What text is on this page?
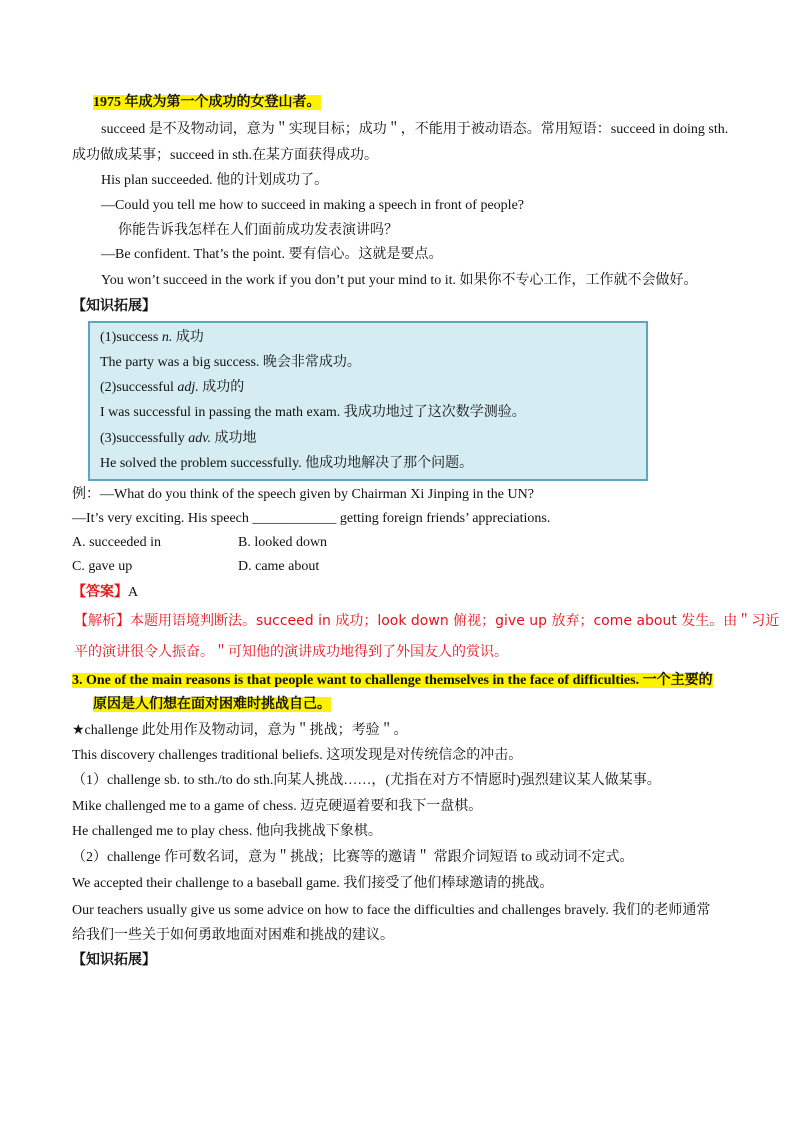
1975 年成为第一个成功的女登山者。
succeed 是不及物动词，意为＂实现目标；成功＂，不能用于被动语态。常用短语：succeed in doing sth.
成功做成某事；succeed in sth.在某方面获得成功。
His plan succeeded. 他的计划成功了。
—Could you tell me how to succeed in making a speech in front of people?
你能告诉我怎样在人们面前成功发表演讲吗？
—Be confident. That’s the point. 要有信心。这就是要点。
You won’t succeed in the work if you don’t put your mind to it. 如果你不专心工作，工作就不会做好。
【知识拓展】
(1)success n. 成功
The party was a big success. 晚会非常成功。
(2)successful adj. 成功的
I was successful in passing the math exam. 我成功地过了这次数学测验。
(3)successfully adv. 成功地
He solved the problem successfully. 他成功地解决了那个问题。
例：—What do you think of the speech given by Chairman Xi Jinping in the UN?
—It’s very exciting. His speech ____________ getting foreign friends’ appreciations.
A. succeeded in	B. looked down
C. gave up	D. came about
【答案】A
【解析】本题用语境判断法。succeed in 成功；look down 俯视；give up 放弃；come about 发生。由＂习近
平的演讲很令人振奋。＂可知他的演讲成功地得到了外国友人的赏识。
3. One of the main reasons is that people want to challenge themselves in the face of difficulties. 一个主要的
原因是人们想在面对困难时挑战自己。
★challenge 此处用作及物动词，意为＂挑战；考验＂。
This discovery challenges traditional beliefs. 这项发现是对传统信念的冲击。
（1）challenge sb. to sth./to do sth.向某人挑战……，(尤指在对方不情愿时)强烈建议某人做某事。
Mike challenged me to a game of chess. 迈克硬逼着要和我下一盘棋。
He challenged me to play chess. 他向我挑战下象棋。
（2）challenge 作可数名词，意为＂挑战；比赛等的邀请＂ 常跟介词短语 to 或动词不定式。
We accepted their challenge to a baseball game. 我们接受了他们棒球邀请的挑战。
Our teachers usually give us some advice on how to face the difficulties and challenges bravely. 我们的老师通常
给我们一些关于如何勇敢地面对困难和挑战的建议。
【知识拓展】
